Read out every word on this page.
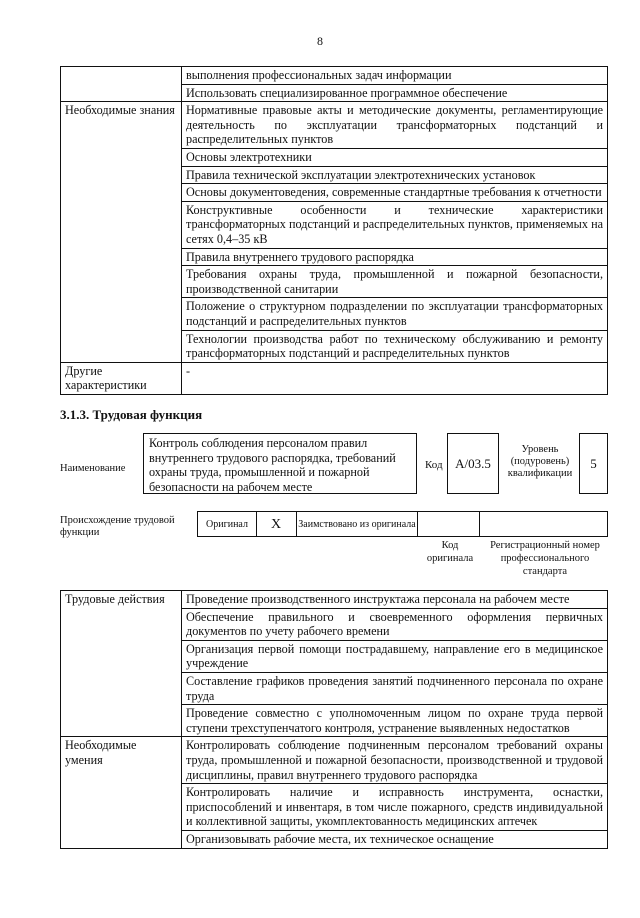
8
	выполнения профессиональных задач информации
	Использовать специализированное программное обеспечение
Необходимые знания	Нормативные правовые акты и методические документы, регламентирующие деятельность по эксплуатации трансформаторных подстанций и распределительных пунктов
	Основы электротехники
	Правила технической эксплуатации электротехнических установок
	Основы документоведения, современные стандартные требования к отчетности
	Конструктивные особенности и технические характеристики трансформаторных подстанций и распределительных пунктов, применяемых на сетях 0,4–35 кВ
	Правила внутреннего трудового распорядка
	Требования охраны труда, промышленной и пожарной безопасности, производственной санитарии
	Положение о структурном подразделении по эксплуатации трансформаторных подстанций и распределительных пунктов
	Технологии производства работ по техническому обслуживанию и ремонту трансформаторных подстанций и распределительных пунктов
Другие характеристики	-
3.1.3. Трудовая функция
Наименование
Контроль соблюдения персоналом правил внутреннего трудового распорядка, требований охраны труда, промышленной и пожарной безопасности на рабочем месте
Код А/03.5
Уровень (подуровень) квалификации
5
Происхождение трудовой функции
Оригинал	X	Заимствовано из оригинала
Код оригинала
Регистрационный номер профессионального стандарта
Трудовые действия	Проведение производственного инструктажа персонала на рабочем месте
	Обеспечение правильного и своевременного оформления первичных документов по учету рабочего времени
	Организация первой помощи пострадавшему, направление его в медицинское учреждение
	Составление графиков проведения занятий подчиненного персонала по охране труда
	Проведение совместно с уполномоченным лицом по охране труда первой ступени трехступенчатого контроля, устранение выявленных недостатков
Необходимые умения	Контролировать соблюдение подчиненным персоналом требований охраны труда, промышленной и пожарной безопасности, производственной и трудовой дисциплины, правил внутреннего трудового распорядка
	Контролировать наличие и исправность инструмента, оснастки, приспособлений и инвентаря, в том числе пожарного, средств индивидуальной и коллективной защиты, укомплектованность медицинских аптечек
	Организовывать рабочие места, их техническое оснащение
